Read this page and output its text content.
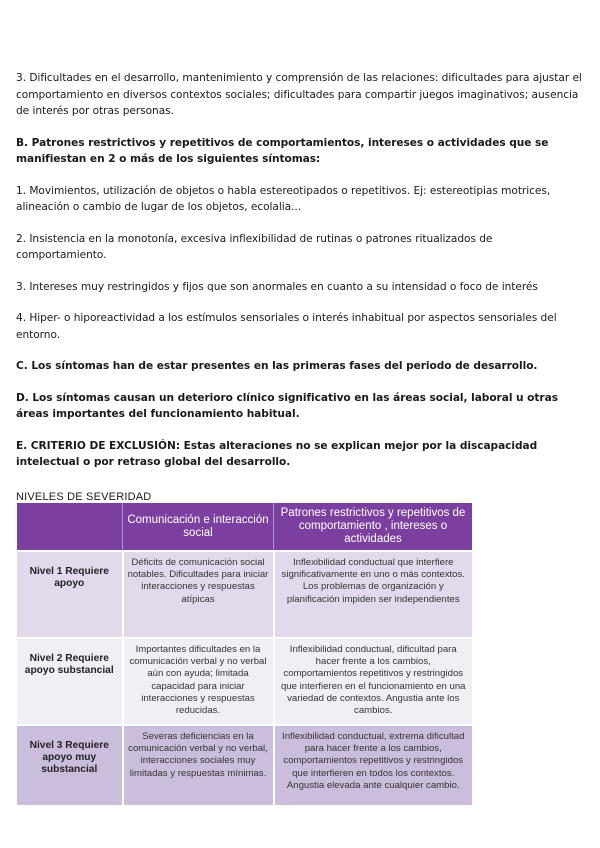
3. Dificultades en el desarrollo, mantenimiento y comprensión de las relaciones: dificultades para ajustar el comportamiento en diversos contextos sociales; dificultades para compartir juegos imaginativos; ausencia de interés por otras personas.

B. Patrones restrictivos y repetitivos de comportamientos, intereses o actividades que se manifiestan en 2 o más de los siguientes síntomas:

1. Movimientos, utilización de objetos o habla estereotipados o repetitivos. Ej: estereotipias motrices, alineación o cambio de lugar de los objetos, ecolalia...

2. Insistencia en la monotonía, excesiva inflexibilidad de rutinas o patrones ritualizados de comportamiento.

3. Intereses muy restringidos y fijos que son anormales en cuanto a su intensidad o foco de interés

4. Hiper- o hiporeactividad a los estímulos sensoriales o interés inhabitual por aspectos sensoriales del entorno.

C. Los síntomas han de estar presentes en las primeras fases del periodo de desarrollo.

D. Los síntomas causan un deterioro clínico significativo en las áreas social, laboral u otras áreas importantes del funcionamiento habitual.

E. CRITERIO DE EXCLUSIÓN: Estas alteraciones no se explican mejor por la discapacidad intelectual o por retraso global del desarrollo.

NIVELES DE SEVERIDAD

	Comunicación e interacción social	Patrones restrictivos y repetitivos de comportamiento , intereses o actividades
Nivel 1 Requiere apoyo	Déficits de comunicación social notables. Dificultades para iniciar interacciones y respuestas atípicas	Inflexibilidad conductual que interfiere significativamente en uno o más contextos. Los problemas de organización y planificación impiden ser independientes
Nivel 2 Requiere apoyo substancial	Importantes dificultades en la comunicación verbal y no verbal aún con ayuda; limitada capacidad para iniciar interacciones y respuestas reducidas.	Inflexibilidad conductual, dificultad para hacer frente a los cambios, comportamientos repetitivos y restringidos que interfieren en el funcionamiento en una variedad de contextos. Angustia ante los cambios.
Nivel 3 Requiere apoyo muy substancial	Severas deficiencias en la comunicación verbal y no verbal, interacciones sociales muy limitadas y respuestas mínimas.	Inflexibilidad conductual, extrema dificultad para hacer frente a los cambios, comportamientos repetitivos y restringidos que interfieren en todos los contextos. Angustia elevada ante cualquier cambio.
